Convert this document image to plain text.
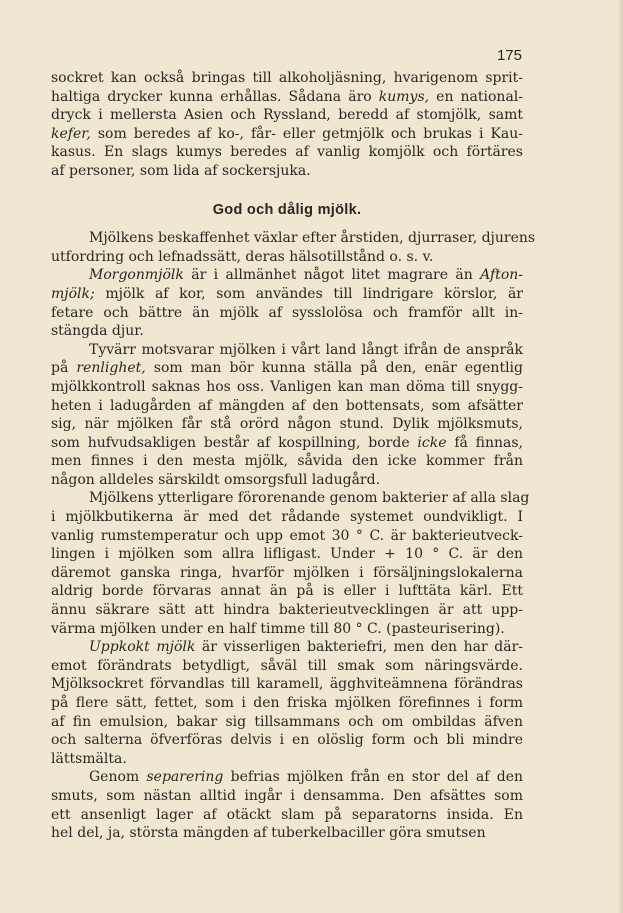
175

sockret kan också bringas till alkoholjäsning, hvarigenom sprit-
haltiga drycker kunna erhållas. Sådana äro kumys, en national-
dryck i mellersta Asien och Ryssland, beredd af stomjölk, samt
kefer, som beredes af ko-, får- eller getmjölk och brukas i Kau-
kasus. En slags kumys beredes af vanlig komjölk och förtäres
af personer, som lida af sockersjuka.

God och dålig mjölk.

Mjölkens beskaffenhet växlar efter årstiden, djurraser, djurens
utfordring och lefnadssätt, deras hälsotillstånd o. s. v.

Morgonmjölk är i allmänhet något litet magrare än Afton-
mjölk; mjölk af kor, som användes till lindrigare körslor, är
fetare och bättre än mjölk af sysslolösa och framför allt in-
stängda djur.

Tyvärr motsvarar mjölken i vårt land långt ifrån de anspråk
på renlighet, som man bör kunna ställa på den, enär egentlig
mjölkkontroll saknas hos oss. Vanligen kan man döma till snygg-
heten i ladugården af mängden af den bottensats, som afsätter
sig, när mjölken får stå orörd någon stund. Dylik mjölksmuts,
som hufvudsakligen består af kospillning, borde icke få finnas,
men finnes i den mesta mjölk, såvida den icke kommer från
någon alldeles särskildt omsorgsfull ladugård.

Mjölkens ytterligare förorenande genom bakterier af alla slag
i mjölkbutikerna är med det rådande systemet oundvikligt. I
vanlig rumstemperatur och upp emot 30 ° C. är bakterieutveck-
lingen i mjölken som allra lifligast. Under + 10 ° C. är den
däremot ganska ringa, hvarför mjölken i försäljningslokalerna
aldrig borde förvaras annat än på is eller i lufttäta kärl. Ett
ännu säkrare sätt att hindra bakterieutvecklingen är att upp-
värma mjölken under en half timme till 80 ° C. (pasteurisering).

Uppkokt mjölk är visserligen bakteriefri, men den har där-
emot förändrats betydligt, såväl till smak som näringsvärde.
Mjölksockret förvandlas till karamell, ägghviteämnena förändras
på flere sätt, fettet, som i den friska mjölken förefinnes i form
af fin emulsion, bakar sig tillsammans och om ombildas äfven
och salterna öfverföras delvis i en olöslig form och bli mindre
lättsmälta.

Genom separering befrias mjölken från en stor del af den
smuts, som nästan alltid ingår i densamma. Den afsättes som
ett ansenligt lager af otäckt slam på separatorns insida. En
hel del, ja, största mängden af tuberkelbaciller göra smutsen
